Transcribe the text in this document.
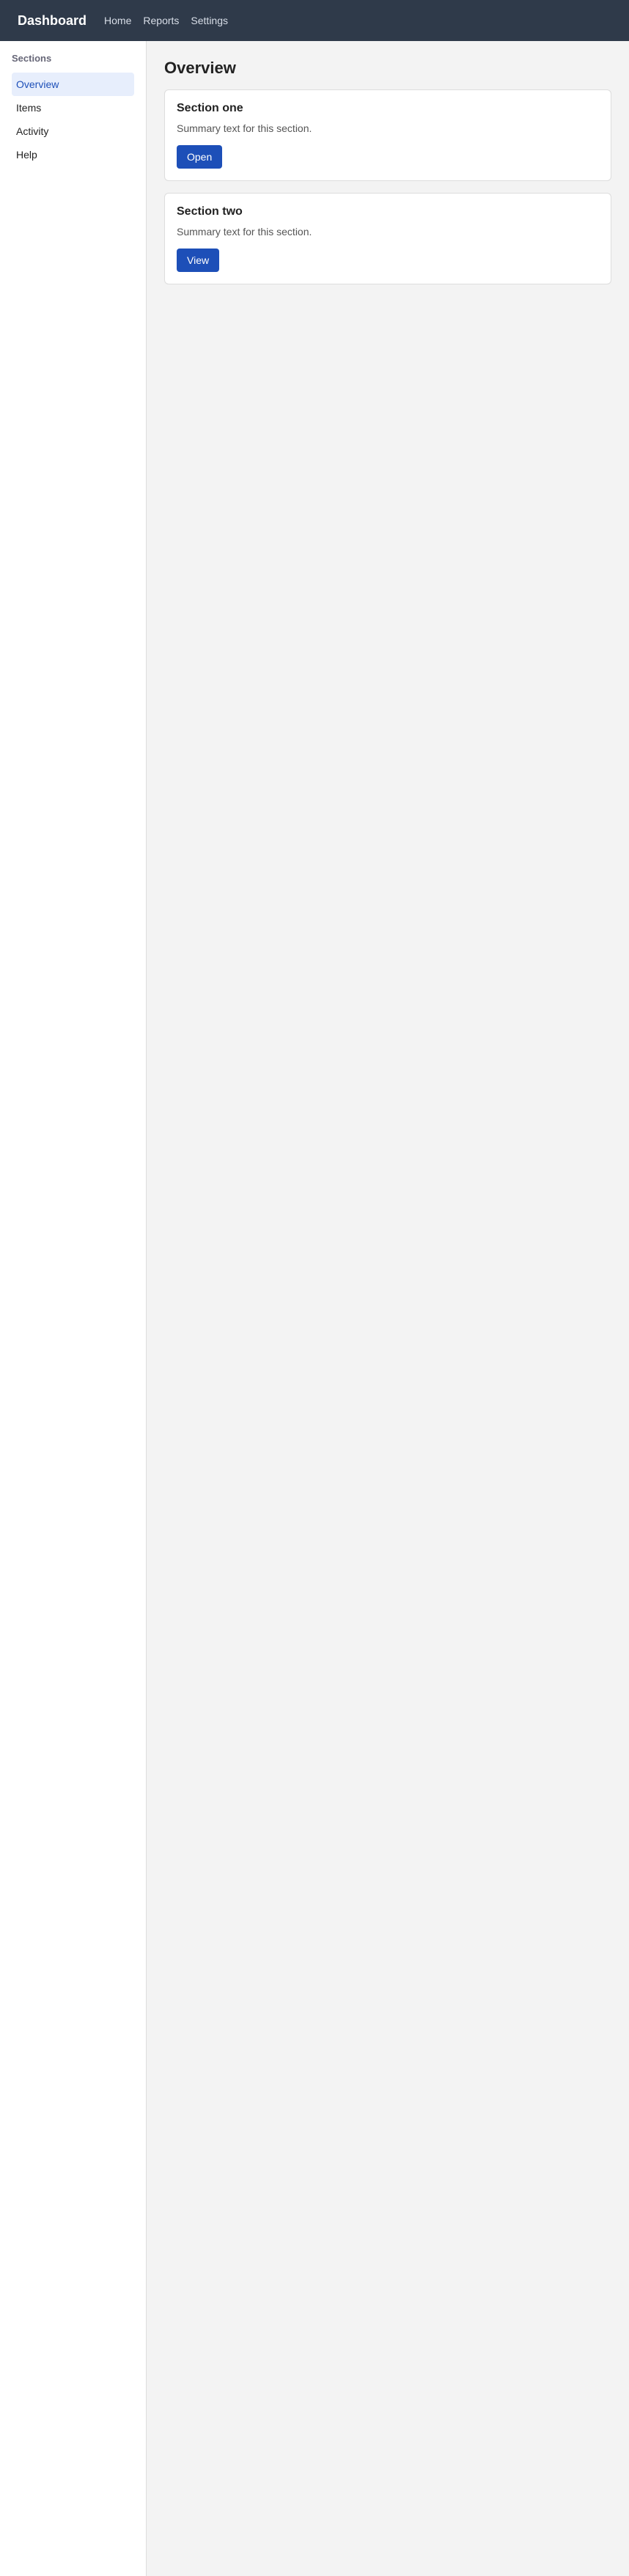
Dashboard Home Reports Settings
Sections
Overview
Items
Activity
Help
Overview
Section one

Summary text for this section.

Open
Section two

Summary text for this section.

View
